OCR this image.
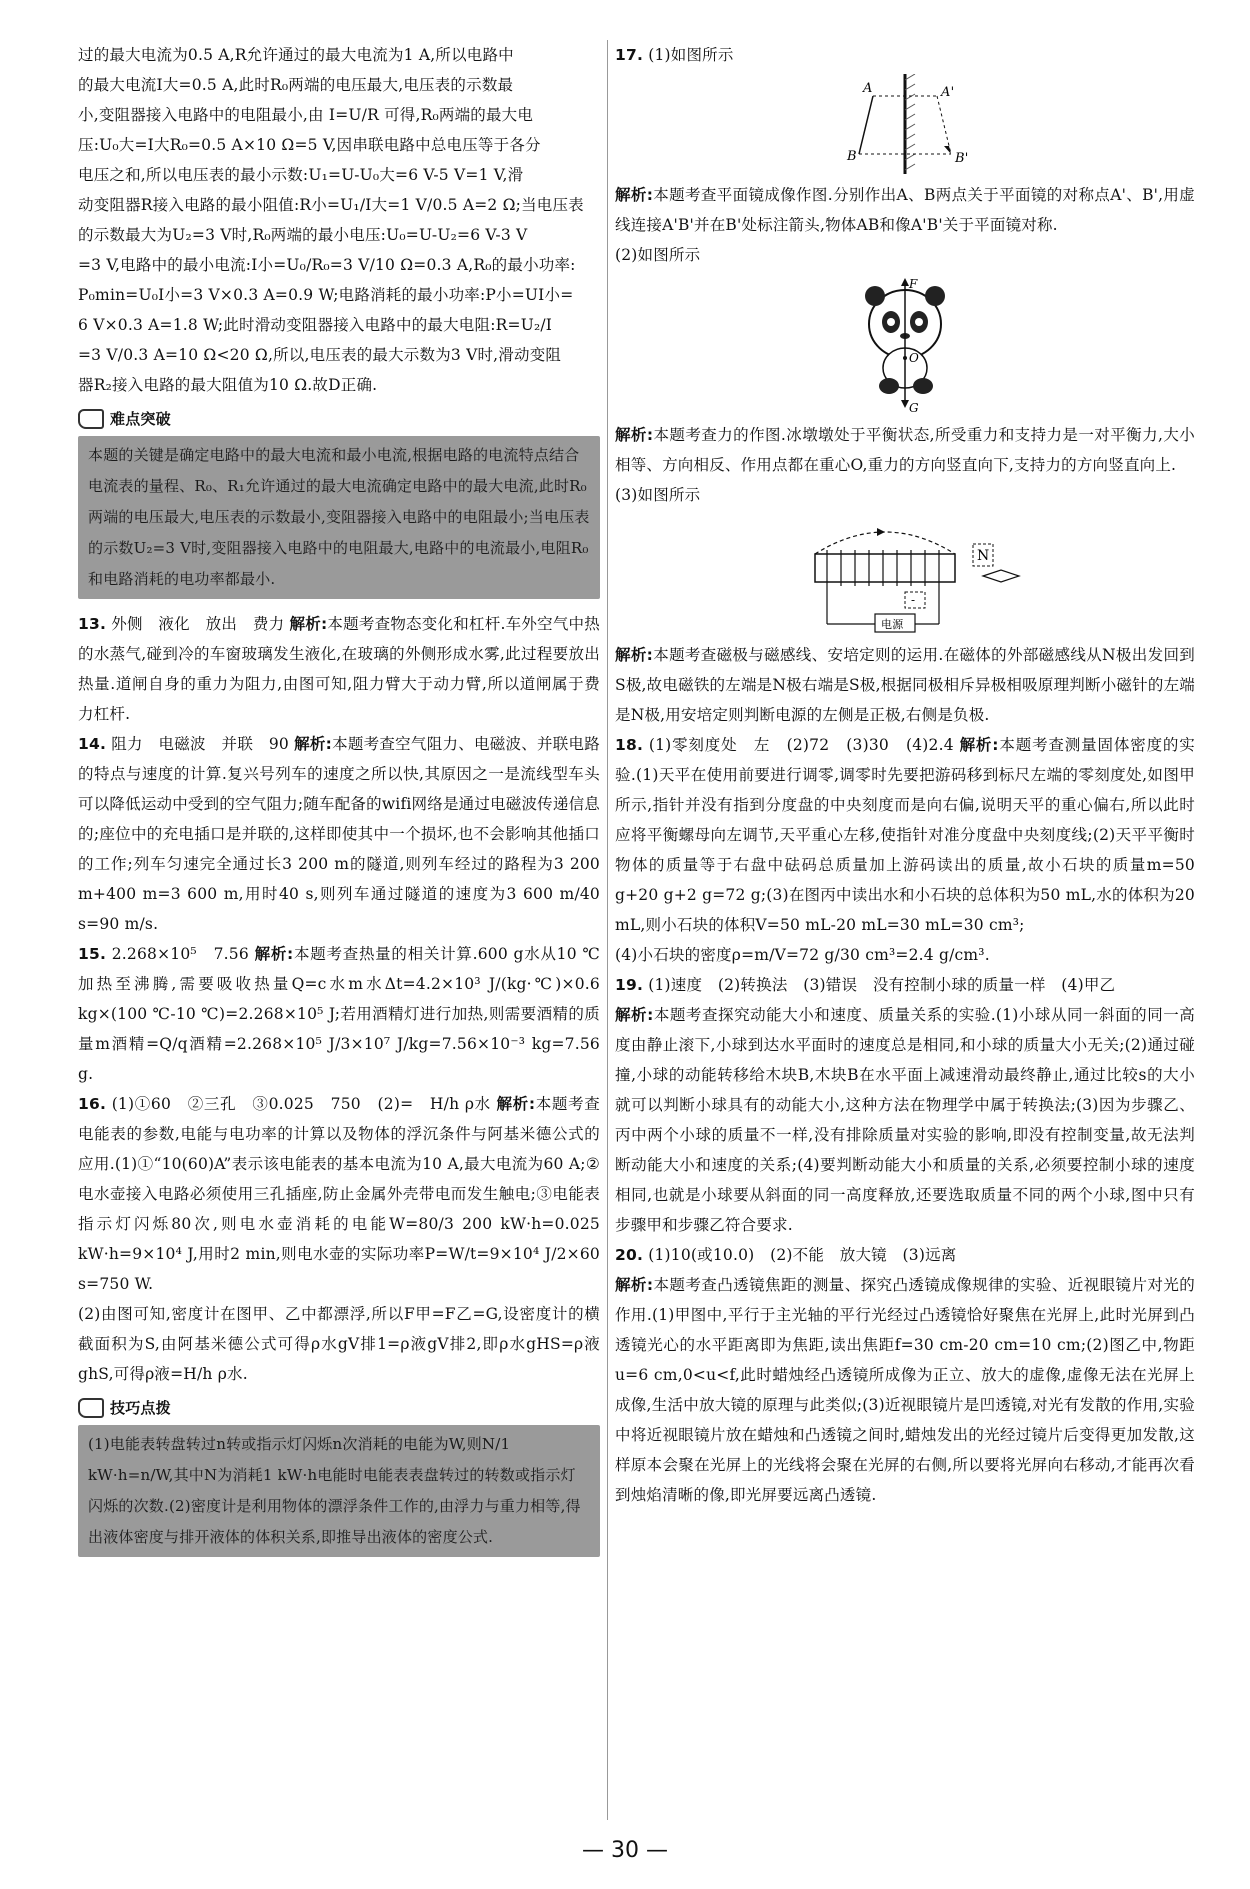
过的最大电流为0.5 A,R允许通过的最大电流为1 A,所以电路中
的最大电流I大=0.5 A,此时R₀两端的电压最大,电压表的示数最
小,变阻器接入电路中的电阻最小,由 I=U/R 可得,R₀两端的最大电
压:U₀大=I大R₀=0.5 A×10 Ω=5 V,因串联电路中总电压等于各分
电压之和,所以电压表的最小示数:U₁=U-U₀大=6 V-5 V=1 V,滑
动变阻器R接入电路的最小阻值:R小=U₁/I大=1 V/0.5 A=2 Ω;当电压表
的示数最大为U₂=3 V时,R₀两端的最小电压:U₀=U-U₂=6 V-3 V
=3 V,电路中的最小电流:I小=U₀/R₀=3 V/10 Ω=0.3 A,R₀的最小功率:
P₀min=U₀I小=3 V×0.3 A=0.9 W;电路消耗的最小功率:P小=UI小=
6 V×0.3 A=1.8 W;此时滑动变阻器接入电路中的最大电阻:R=U₂/I
=3 V/0.3 A=10 Ω<20 Ω,所以,电压表的最大示数为3 V时,滑动变阻
器R₂接入电路的最大阻值为10 Ω.故D正确.

难点突破
本题的关键是确定电路中的最大电流和最小电流,根据电路的电流特点结合电流表的量程、R₀、R₁允许通过的最大电流确定电路中的最大电流,此时R₀两端的电压最大,电压表的示数最小,变阻器接入电路中的电阻最小;当电压表的示数U₂=3 V时,变阻器接入电路中的电阻最大,电路中的电流最小,电阻R₀和电路消耗的电功率都最小.

13. 外侧　液化　放出　费力 解析:本题考查物态变化和杠杆.车外空气中热的水蒸气,碰到冷的车窗玻璃发生液化,在玻璃的外侧形成水雾,此过程要放出热量.道闸自身的重力为阻力,由图可知,阻力臂大于动力臂,所以道闸属于费力杠杆.

14. 阻力　电磁波　并联　90 解析:本题考查空气阻力、电磁波、并联电路的特点与速度的计算.复兴号列车的速度之所以快,其原因之一是流线型车头可以降低运动中受到的空气阻力;随车配备的wifi网络是通过电磁波传递信息的;座位中的充电插口是并联的,这样即使其中一个损坏,也不会影响其他插口的工作;列车匀速完全通过长3 200 m的隧道,则列车经过的路程为3 200 m+400 m=3 600 m,用时40 s,则列车通过隧道的速度为3 600 m/40 s=90 m/s.

15. 2.268×10⁵　7.56 解析:本题考查热量的相关计算.600 g水从10 ℃加热至沸腾,需要吸收热量Q=c水m水Δt=4.2×10³ J/(kg·℃)×0.6 kg×(100 ℃-10 ℃)=2.268×10⁵ J;若用酒精灯进行加热,则需要酒精的质量m酒精=Q/q酒精=2.268×10⁵ J/3×10⁷ J/kg=7.56×10⁻³ kg=7.56 g.

16. (1)①60　②三孔　③0.025　750　(2)=　H/h ρ水 解析:本题考查电能表的参数,电能与电功率的计算以及物体的浮沉条件与阿基米德公式的应用.(1)①“10(60)A”表示该电能表的基本电流为10 A,最大电流为60 A;②电水壶接入电路必须使用三孔插座,防止金属外壳带电而发生触电;③电能表指示灯闪烁80次,则电水壶消耗的电能W=80/3 200 kW·h=0.025 kW·h=9×10⁴ J,用时2 min,则电水壶的实际功率P=W/t=9×10⁴ J/2×60 s=750 W.
(2)由图可知,密度计在图甲、乙中都漂浮,所以F甲=F乙=G,设密度计的横截面积为S,由阿基米德公式可得ρ水gV排1=ρ液gV排2,即ρ水gHS=ρ液ghS,可得ρ液=H/h ρ水.

技巧点拨
(1)电能表转盘转过n转或指示灯闪烁n次消耗的电能为W,则N/1 kW·h=n/W,其中N为消耗1 kW·h电能时电能表表盘转过的转数或指示灯闪烁的次数.(2)密度计是利用物体的漂浮条件工作的,由浮力与重力相等,得出液体密度与排开液体的体积关系,即推导出液体的密度公式.

17. (1)如图所示

A	A'
B	B'

解析:本题考查平面镜成像作图.分别作出A、B两点关于平面镜的对称点A'、B',用虚线连接A'B'并在B'处标注箭头,物体AB和像A'B'关于平面镜对称.

(2)如图所示

F
O
G

解析:本题考查力的作图.冰墩墩处于平衡状态,所受重力和支持力是一对平衡力,大小相等、方向相反、作用点都在重心O,重力的方向竖直向下,支持力的方向竖直向上.

(3)如图所示

电源
-
N

解析:本题考查磁极与磁感线、安培定则的运用.在磁体的外部磁感线从N极出发回到S极,故电磁铁的左端是N极右端是S极,根据同极相斥异极相吸原理判断小磁针的左端是N极,用安培定则判断电源的左侧是正极,右侧是负极.

18. (1)零刻度处　左　(2)72　(3)30　(4)2.4 解析:本题考查测量固体密度的实验.(1)天平在使用前要进行调零,调零时先要把游码移到标尺左端的零刻度处,如图甲所示,指针并没有指到分度盘的中央刻度而是向右偏,说明天平的重心偏右,所以此时应将平衡螺母向左调节,天平重心左移,使指针对准分度盘中央刻度线;(2)天平平衡时物体的质量等于右盘中砝码总质量加上游码读出的质量,故小石块的质量m=50 g+20 g+2 g=72 g;(3)在图丙中读出水和小石块的总体积为50 mL,水的体积为20 mL,则小石块的体积V=50 mL-20 mL=30 mL=30 cm³;
(4)小石块的密度ρ=m/V=72 g/30 cm³=2.4 g/cm³.

19. (1)速度　(2)转换法　(3)错误　没有控制小球的质量一样　(4)甲乙
解析:本题考查探究动能大小和速度、质量关系的实验.(1)小球从同一斜面的同一高度由静止滚下,小球到达水平面时的速度总是相同,和小球的质量大小无关;(2)通过碰撞,小球的动能转移给木块B,木块B在水平面上减速滑动最终静止,通过比较s的大小就可以判断小球具有的动能大小,这种方法在物理学中属于转换法;(3)因为步骤乙、丙中两个小球的质量不一样,没有排除质量对实验的影响,即没有控制变量,故无法判断动能大小和速度的关系;(4)要判断动能大小和质量的关系,必须要控制小球的速度相同,也就是小球要从斜面的同一高度释放,还要选取质量不同的两个小球,图中只有步骤甲和步骤乙符合要求.

20. (1)10(或10.0)　(2)不能　放大镜　(3)远离
解析:本题考查凸透镜焦距的测量、探究凸透镜成像规律的实验、近视眼镜片对光的作用.(1)甲图中,平行于主光轴的平行光经过凸透镜恰好聚焦在光屏上,此时光屏到凸透镜光心的水平距离即为焦距,读出焦距f=30 cm-20 cm=10 cm;(2)图乙中,物距u=6 cm,0<u<f,此时蜡烛经凸透镜所成像为正立、放大的虚像,虚像无法在光屏上成像,生活中放大镜的原理与此类似;(3)近视眼镜片是凹透镜,对光有发散的作用,实验中将近视眼镜片放在蜡烛和凸透镜之间时,蜡烛发出的光经过镜片后变得更加发散,这样原本会聚在光屏上的光线将会聚在光屏的右侧,所以要将光屏向右移动,才能再次看到烛焰清晰的像,即光屏要远离凸透镜.

— 30 —
